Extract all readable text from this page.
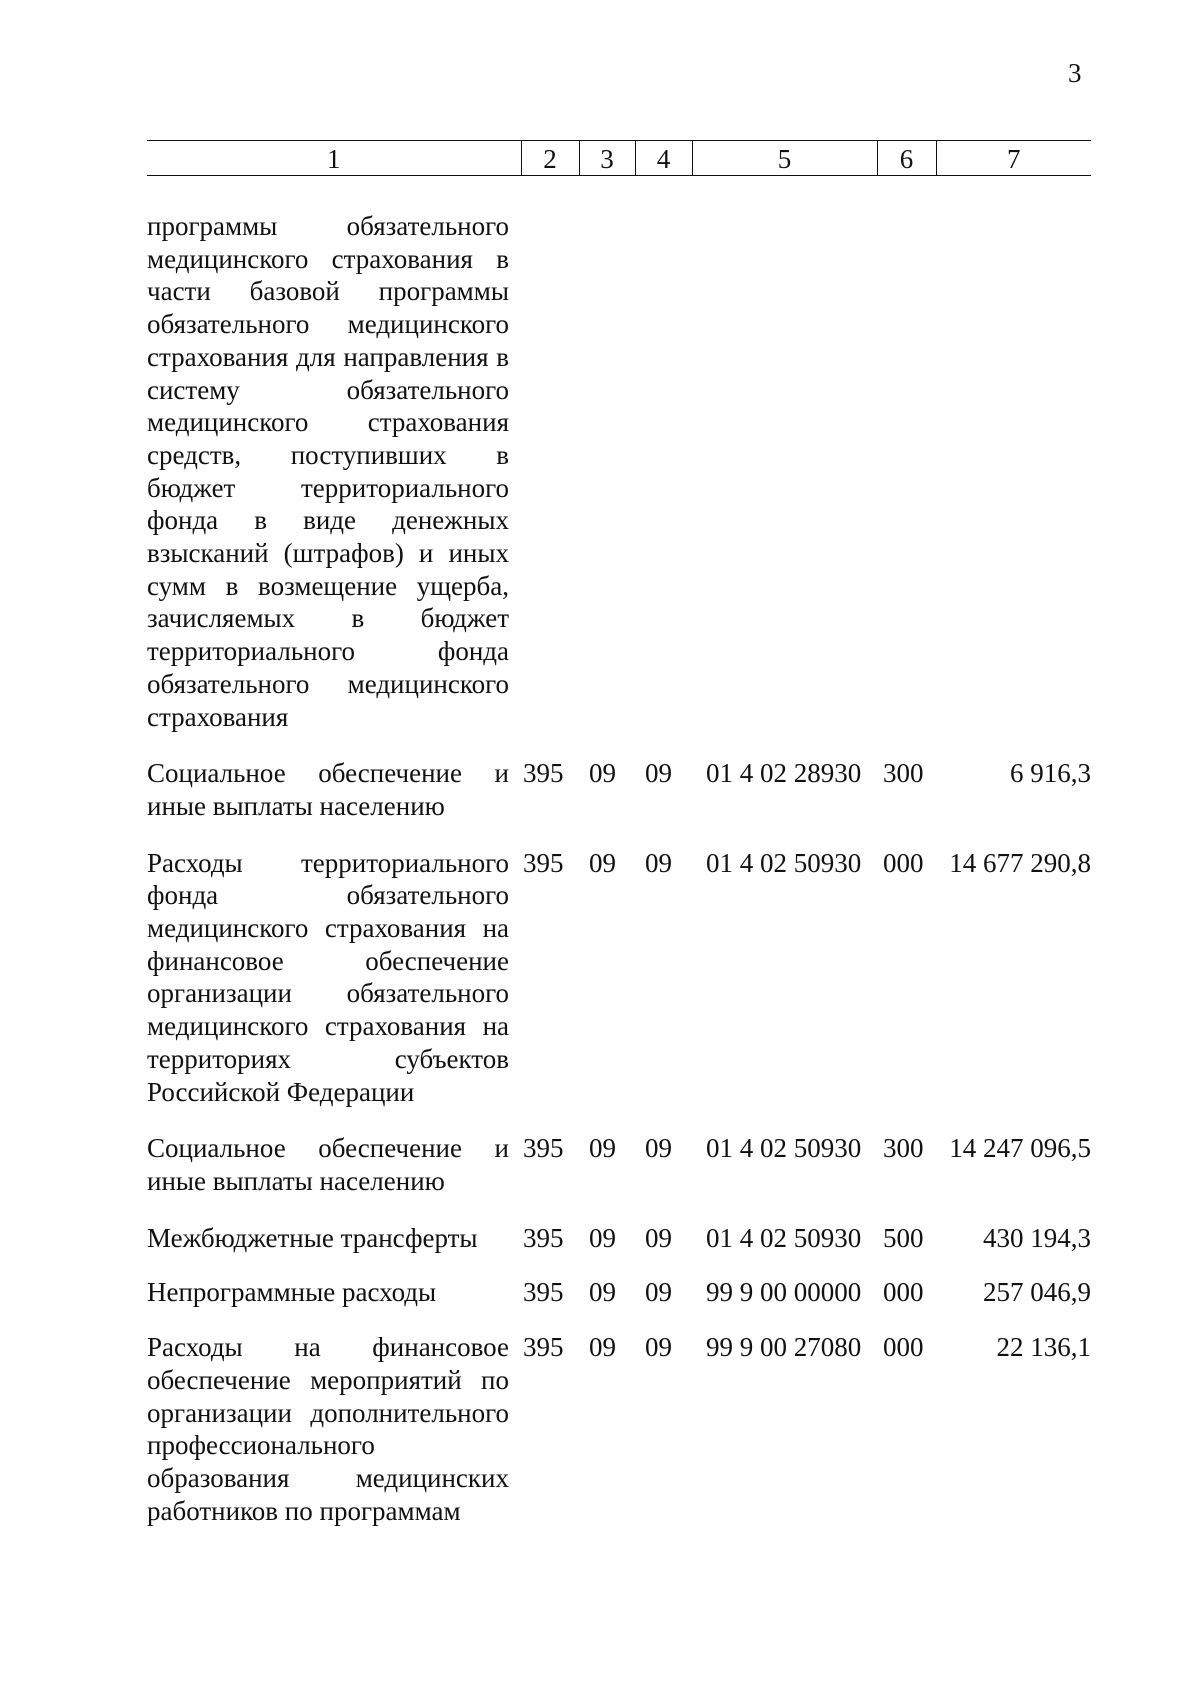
3
1	2	3	4	5	6	7
программы обязательного медицинского страхования в части базовой программы обязательного медицинского страхования для направления в систему обязательного медицинского страхования средств, поступивших в бюджет территориального фонда в виде денежных взысканий (штрафов) и иных сумм в возмещение ущерба, зачисляемых в бюджет территориального фонда обязательного медицинского страхования						
Социальное обеспечение и иные выплаты населению	395	09	09	01 4 02 28930	300	6 916,3
Расходы территориального фонда обязательного медицинского страхования на финансовое обеспечение организации обязательного медицинского страхования на территориях субъектов Российской Федерации	395	09	09	01 4 02 50930	000	14 677 290,8
Социальное обеспечение и иные выплаты населению	395	09	09	01 4 02 50930	300	14 247 096,5
Межбюджетные трансферты	395	09	09	01 4 02 50930	500	430 194,3
Непрограммные расходы	395	09	09	99 9 00 00000	000	257 046,9
Расходы на финансовое обеспечение мероприятий по организации дополнительного профессионального образования медицинских работников по программам	395	09	09	99 9 00 27080	000	22 136,1
